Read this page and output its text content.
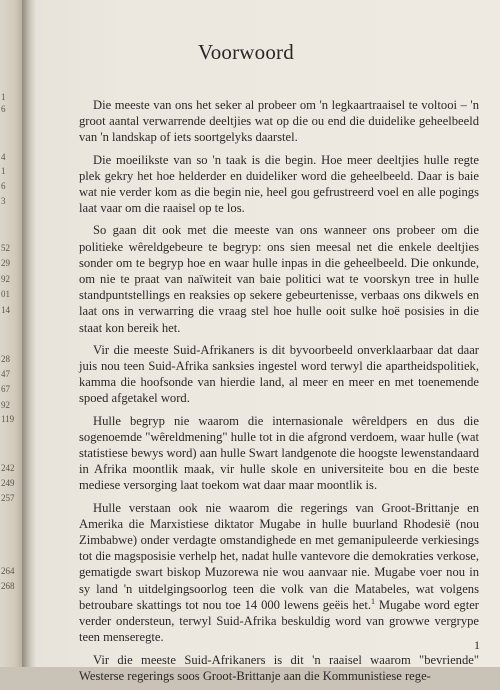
1
6
4
1
6
3
52
29
92
01
14
28
47
67
92
119
242
249
257
264
268
Voorwoord

Die meeste van ons het seker al probeer om 'n legkaartraaisel te voltooi – 'n groot aantal verwarrende deeltjies wat op die ou end die duidelike geheelbeeld van 'n landskap of iets soortgelyks daarstel.

Die moeilikste van so 'n taak is die begin. Hoe meer deeltjies hulle regte plek gekry het hoe helderder en duideliker word die geheelbeeld. Daar is baie wat nie verder kom as die begin nie, heel gou gefrustreerd voel en alle pogings laat vaar om die raaisel op te los.

So gaan dit ook met die meeste van ons wanneer ons probeer om die politieke wêreldgebeure te begryp: ons sien meesal net die enkele deeltjies sonder om te begryp hoe en waar hulle inpas in die geheelbeeld. Die onkunde, om nie te praat van naïwiteit van baie politici wat te voorskyn tree in hulle standpuntstellings en reaksies op sekere gebeurtenisse, verbaas ons dikwels en laat ons in verwarring die vraag stel hoe hulle ooit sulke hoë posisies in die staat kon bereik het.

Vir die meeste Suid-Afrikaners is dit byvoorbeeld onverklaarbaar dat daar juis nou teen Suid-Afrika sanksies ingestel word terwyl die apartheidspolitiek, kamma die hoofsonde van hierdie land, al meer en meer en met toenemende spoed afgetakel word.

Hulle begryp nie waarom die internasionale wêreldpers en dus die sogenoemde "wêreldmening" hulle tot in die afgrond verdoem, waar hulle (wat statistiese bewys word) aan hulle Swart landgenote die hoogste lewenstandaard in Afrika moontlik maak, vir hulle skole en universiteite bou en die beste mediese versorging laat toekom wat daar maar moontlik is.

Hulle verstaan ook nie waarom die regerings van Groot-Brittanje en Amerika die Marxistiese diktator Mugabe in hulle buurland Rhodesië (nou Zimbabwe) onder verdagte omstandighede en met gemanipuleerde verkiesings tot die magsposisie verhelp het, nadat hulle vantevore die demokraties verkose, gematigde swart biskop Muzorewa nie wou aanvaar nie. Mugabe voer nou in sy land 'n uitdelgingsoorlog teen die volk van die Matabeles, wat volgens betroubare skattings tot nou toe 14 000 lewens geëis het.$^1$ Mugabe word egter verder ondersteun, terwyl Suid-Afrika beskuldig word van growwe vergrype teen menseregte.

Vir die meeste Suid-Afrikaners is dit 'n raaisel waarom "bevriende" Westerse regerings soos Groot-Brittanje aan die Kommunistiese rege-

1
